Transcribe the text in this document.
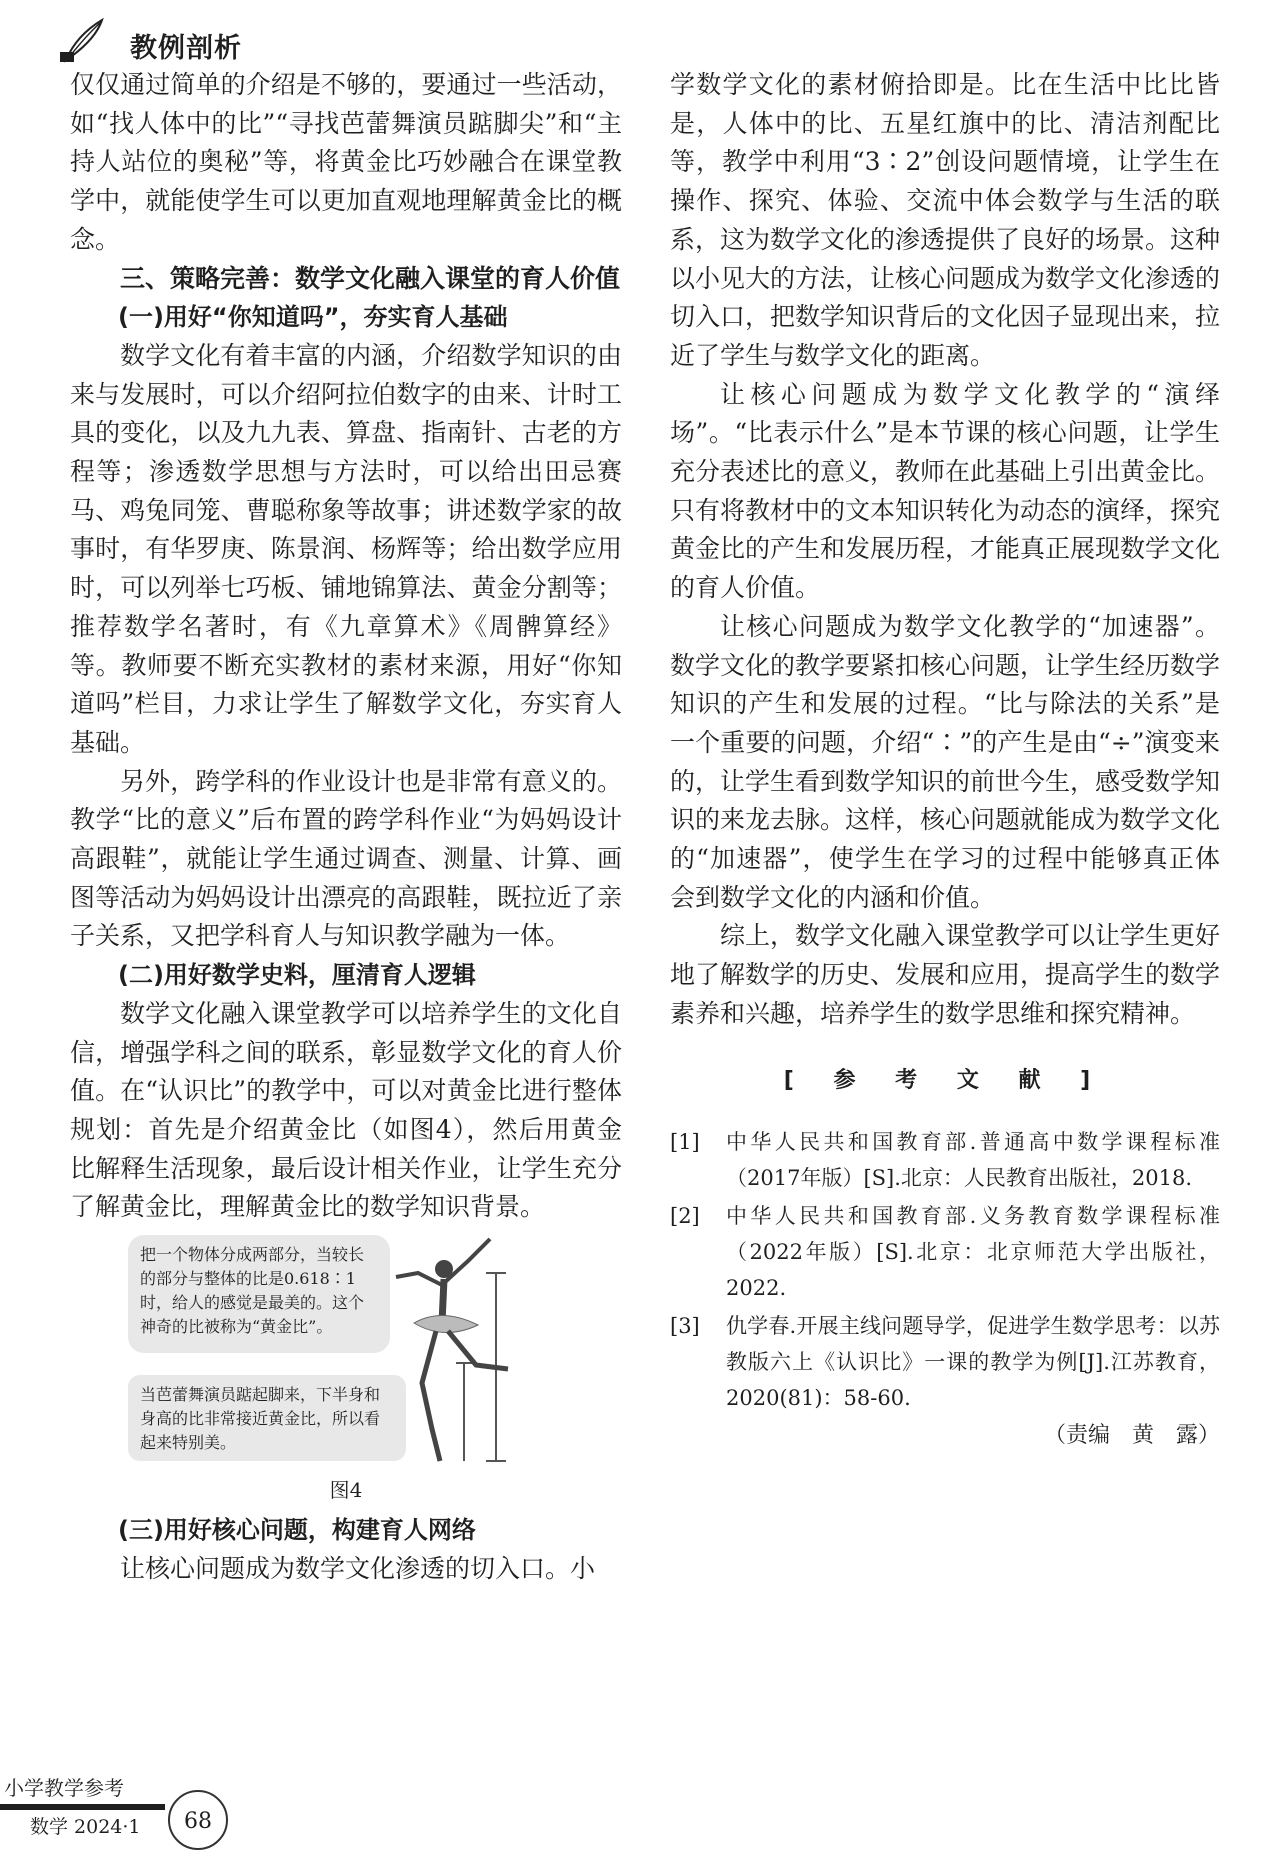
教例剖析

仅仅通过简单的介绍是不够的，要通过一些活动，如“找人体中的比”“寻找芭蕾舞演员踮脚尖”和“主持人站位的奥秘”等，将黄金比巧妙融合在课堂教学中，就能使学生可以更加直观地理解黄金比的概念。

三、策略完善：数学文化融入课堂的育人价值

(一)用好“你知道吗”，夯实育人基础

数学文化有着丰富的内涵，介绍数学知识的由来与发展时，可以介绍阿拉伯数字的由来、计时工具的变化，以及九九表、算盘、指南针、古老的方程等；渗透数学思想与方法时，可以给出田忌赛马、鸡兔同笼、曹聪称象等故事；讲述数学家的故事时，有华罗庚、陈景润、杨辉等；给出数学应用时，可以列举七巧板、铺地锦算法、黄金分割等；推荐数学名著时，有《九章算术》《周髀算经》等。教师要不断充实教材的素材来源，用好“你知道吗”栏目，力求让学生了解数学文化，夯实育人基础。

另外，跨学科的作业设计也是非常有意义的。教学“比的意义”后布置的跨学科作业“为妈妈设计高跟鞋”，就能让学生通过调查、测量、计算、画图等活动为妈妈设计出漂亮的高跟鞋，既拉近了亲子关系，又把学科育人与知识教学融为一体。

(二)用好数学史料，厘清育人逻辑

数学文化融入课堂教学可以培养学生的文化自信，增强学科之间的联系，彰显数学文化的育人价值。在“认识比”的教学中，可以对黄金比进行整体规划：首先是介绍黄金比（如图4），然后用黄金比解释生活现象，最后设计相关作业，让学生充分了解黄金比，理解黄金比的数学知识背景。

把一个物体分成两部分，当较长的部分与整体的比是0.618∶1时，给人的感觉是最美的。这个神奇的比被称为“黄金比”。
当芭蕾舞演员踮起脚来，下半身和身高的比非常接近黄金比，所以看起来特别美。
图4

(三)用好核心问题，构建育人网络

让核心问题成为数学文化渗透的切入口。小

学数学文化的素材俯拾即是。比在生活中比比皆是，人体中的比、五星红旗中的比、清洁剂配比等，教学中利用“3∶2”创设问题情境，让学生在操作、探究、体验、交流中体会数学与生活的联系，这为数学文化的渗透提供了良好的场景。这种以小见大的方法，让核心问题成为数学文化渗透的切入口，把数学知识背后的文化因子显现出来，拉近了学生与数学文化的距离。

让核心问题成为数学文化教学的“演绎场”。“比表示什么”是本节课的核心问题，让学生充分表述比的意义，教师在此基础上引出黄金比。只有将教材中的文本知识转化为动态的演绎，探究黄金比的产生和发展历程，才能真正展现数学文化的育人价值。

让核心问题成为数学文化教学的“加速器”。数学文化的教学要紧扣核心问题，让学生经历数学知识的产生和发展的过程。“比与除法的关系”是一个重要的问题，介绍“∶”的产生是由“÷”演变来的，让学生看到数学知识的前世今生，感受数学知识的来龙去脉。这样，核心问题就能成为数学文化的“加速器”，使学生在学习的过程中能够真正体会到数学文化的内涵和价值。

综上，数学文化融入课堂教学可以让学生更好地了解数学的历史、发展和应用，提高学生的数学素养和兴趣，培养学生的数学思维和探究精神。

[ 参 考 文 献 ]
[1] 中华人民共和国教育部.普通高中数学课程标准（2017年版）[S].北京：人民教育出版社，2018.
[2] 中华人民共和国教育部.义务教育数学课程标准（2022年版）[S].北京：北京师范大学出版社，2022.
[3] 仇学春.开展主线问题导学，促进学生数学思考：以苏教版六上《认识比》一课的教学为例[J].江苏教育，2020(81)：58-60.
（责编　黄　露）
小学教学参考
数学 2024·1	68
